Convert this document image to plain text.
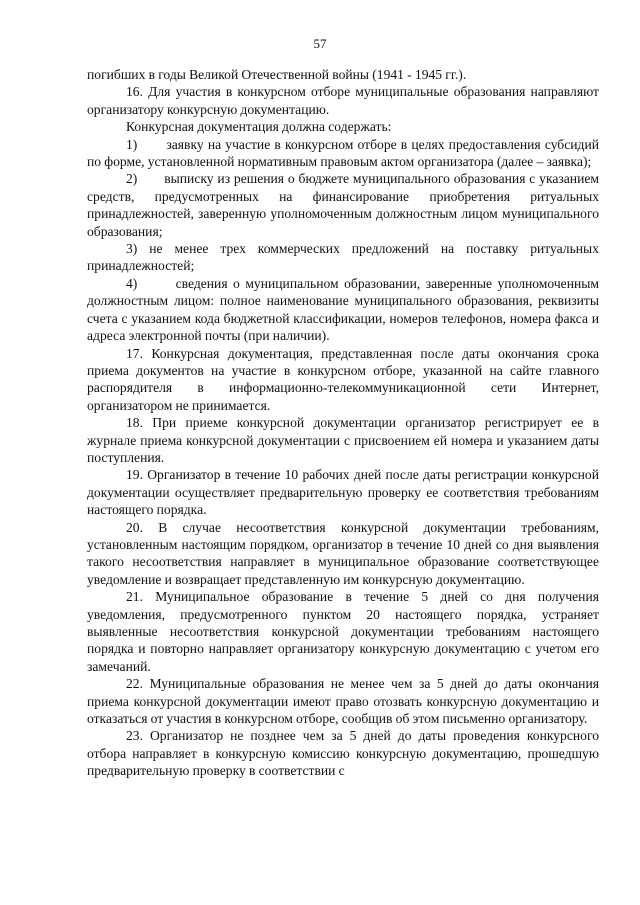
57

погибших в годы Великой Отечественной войны (1941 - 1945 гг.).

16. Для участия в конкурсном отборе муниципальные образования направляют организатору конкурсную документацию.

Конкурсная документация должна содержать:

1)       заявку на участие в конкурсном отборе в целях предоставления субсидий по форме, установленной нормативным правовым актом организатора (далее – заявка);

2)       выписку из решения о бюджете муниципального образования с указанием средств, предусмотренных на финансирование приобретения ритуальных принадлежностей, заверенную уполномоченным должностным лицом муниципального образования;

3) не менее трех коммерческих предложений на поставку ритуальных принадлежностей;

4)       сведения о муниципальном образовании, заверенные уполномоченным должностным лицом: полное наименование муниципального образования, реквизиты счета с указанием кода бюджетной классификации, номеров телефонов, номера факса и адреса электронной почты (при наличии).

17. Конкурсная документация, представленная после даты окончания срока приема документов на участие в конкурсном отборе, указанной на сайте главного распорядителя в информационно-телекоммуникационной сети Интернет, организатором не принимается.

18. При приеме конкурсной документации организатор регистрирует ее в журнале приема конкурсной документации с присвоением ей номера и указанием даты поступления.

19. Организатор в течение 10 рабочих дней после даты регистрации конкурсной документации осуществляет предварительную проверку ее соответствия требованиям настоящего порядка.

20. В случае несоответствия конкурсной документации требованиям, установленным настоящим порядком, организатор в течение 10 дней со дня выявления такого несоответствия направляет в муниципальное образование соответствующее уведомление и возвращает представленную им конкурсную документацию.

21. Муниципальное образование в течение 5 дней со дня получения уведомления, предусмотренного пунктом 20 настоящего порядка, устраняет выявленные несоответствия конкурсной документации требованиям настоящего порядка и повторно направляет организатору конкурсную документацию с учетом его замечаний.

22. Муниципальные образования не менее чем за 5 дней до даты окончания приема конкурсной документации имеют право отозвать конкурсную документацию и отказаться от участия в конкурсном отборе, сообщив об этом письменно организатору.

23. Организатор не позднее чем за 5 дней до даты проведения конкурсного отбора направляет в конкурсную комиссию конкурсную документацию, прошедшую предварительную проверку в соответствии с
